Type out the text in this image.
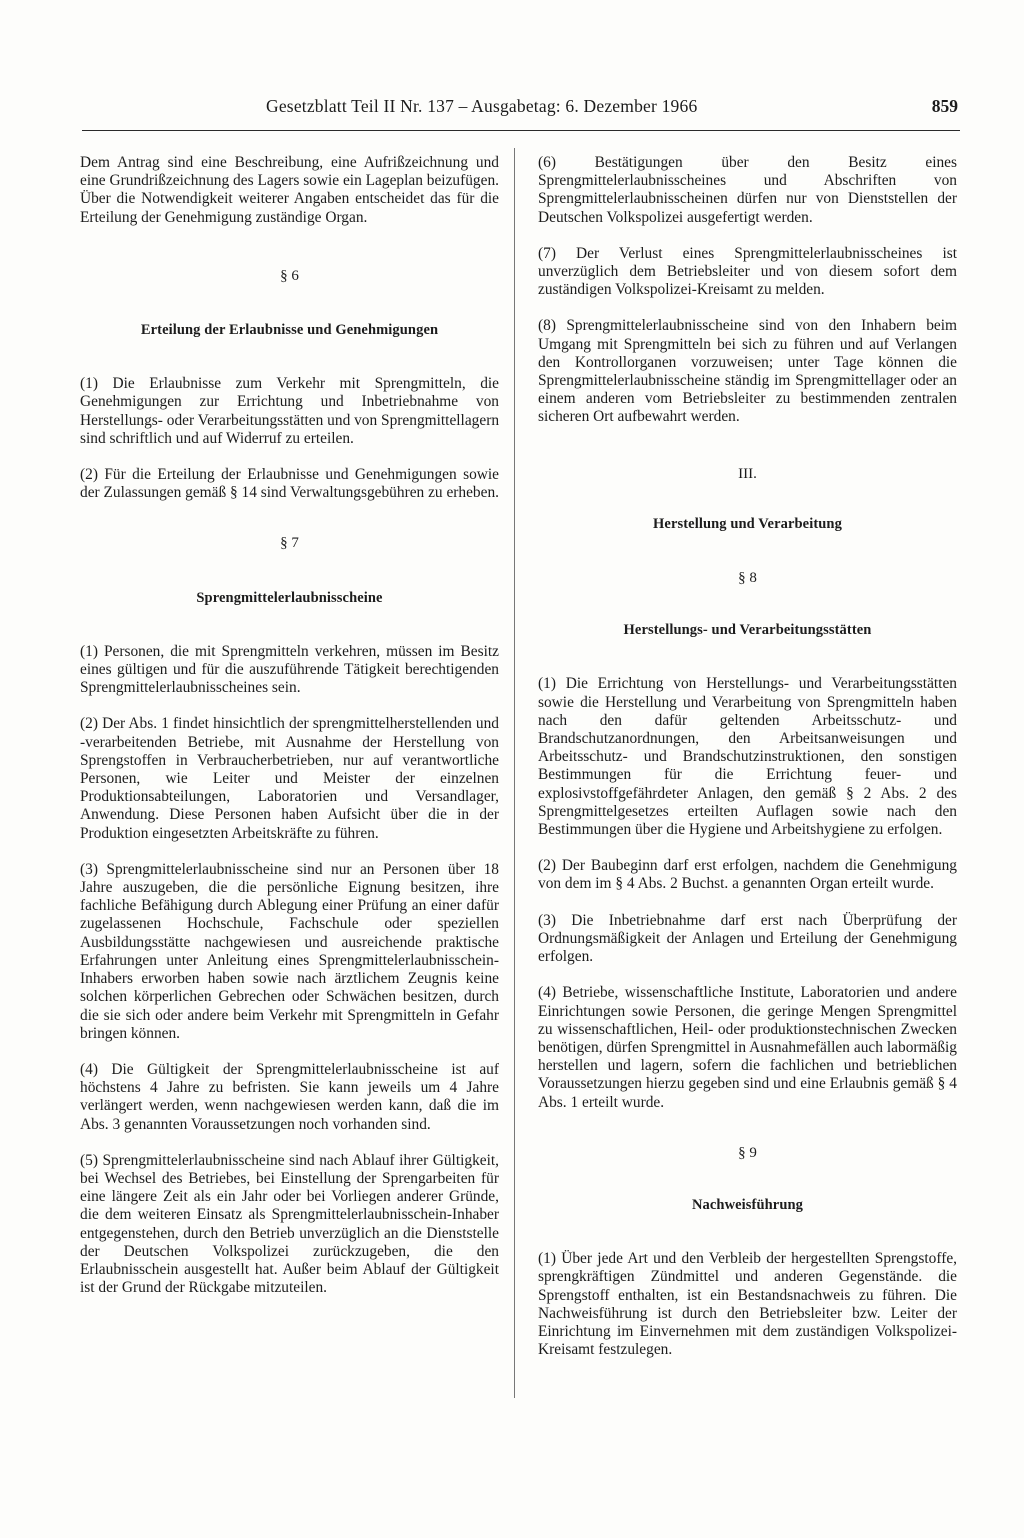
Gesetzblatt Teil II Nr. 137 – Ausgabetag: 6. Dezember 1966	859

Dem Antrag sind eine Beschreibung, eine Aufrißzeichnung und eine Grundrißzeichnung des Lagers sowie ein Lageplan beizufügen. Über die Notwendigkeit weiterer Angaben entscheidet das für die Erteilung der Genehmigung zuständige Organ.

§ 6

Erteilung der Erlaubnisse und Genehmigungen

(1) Die Erlaubnisse zum Verkehr mit Sprengmitteln, die Genehmigungen zur Errichtung und Inbetriebnahme von Herstellungs- oder Verarbeitungsstätten und von Sprengmittellagern sind schriftlich und auf Widerruf zu erteilen.

(2) Für die Erteilung der Erlaubnisse und Genehmigungen sowie der Zulassungen gemäß § 14 sind Verwaltungsgebühren zu erheben.

§ 7

Sprengmittelerlaubnisscheine

(1) Personen, die mit Sprengmitteln verkehren, müssen im Besitz eines gültigen und für die auszuführende Tätigkeit berechtigenden Sprengmittelerlaubnisscheines sein.

(2) Der Abs. 1 findet hinsichtlich der sprengmittelherstellenden und -verarbeitenden Betriebe, mit Ausnahme der Herstellung von Sprengstoffen in Verbraucherbetrieben, nur auf verantwortliche Personen, wie Leiter und Meister der einzelnen Produktionsabteilungen, Laboratorien und Versandlager, Anwendung. Diese Personen haben Aufsicht über die in der Produktion eingesetzten Arbeitskräfte zu führen.

(3) Sprengmittelerlaubnisscheine sind nur an Personen über 18 Jahre auszugeben, die die persönliche Eignung besitzen, ihre fachliche Befähigung durch Ablegung einer Prüfung an einer dafür zugelassenen Hochschule, Fachschule oder speziellen Ausbildungsstätte nachgewiesen und ausreichende praktische Erfahrungen unter Anleitung eines Sprengmittelerlaubnisschein-Inhabers erworben haben sowie nach ärztlichem Zeugnis keine solchen körperlichen Gebrechen oder Schwächen besitzen, durch die sie sich oder andere beim Verkehr mit Sprengmitteln in Gefahr bringen können.

(4) Die Gültigkeit der Sprengmittelerlaubnisscheine ist auf höchstens 4 Jahre zu befristen. Sie kann jeweils um 4 Jahre verlängert werden, wenn nachgewiesen werden kann, daß die im Abs. 3 genannten Voraussetzungen noch vorhanden sind.

(5) Sprengmittelerlaubnisscheine sind nach Ablauf ihrer Gültigkeit, bei Wechsel des Betriebes, bei Einstellung der Sprengarbeiten für eine längere Zeit als ein Jahr oder bei Vorliegen anderer Gründe, die dem weiteren Einsatz als Sprengmittelerlaubnisschein-Inhaber entgegenstehen, durch den Betrieb unverzüglich an die Dienststelle der Deutschen Volkspolizei zurückzugeben, die den Erlaubnisschein ausgestellt hat. Außer beim Ablauf der Gültigkeit ist der Grund der Rückgabe mitzuteilen.

(6) Bestätigungen über den Besitz eines Sprengmittelerlaubnisscheines und Abschriften von Sprengmittelerlaubnisscheinen dürfen nur von Dienststellen der Deutschen Volkspolizei ausgefertigt werden.

(7) Der Verlust eines Sprengmittelerlaubnisscheines ist unverzüglich dem Betriebsleiter und von diesem sofort dem zuständigen Volkspolizei-Kreisamt zu melden.

(8) Sprengmittelerlaubnisscheine sind von den Inhabern beim Umgang mit Sprengmitteln bei sich zu führen und auf Verlangen den Kontrollorganen vorzuweisen; unter Tage können die Sprengmittelerlaubnisscheine ständig im Sprengmittellager oder an einem anderen vom Betriebsleiter zu bestimmenden zentralen sicheren Ort aufbewahrt werden.

III.

Herstellung und Verarbeitung

§ 8

Herstellungs- und Verarbeitungsstätten

(1) Die Errichtung von Herstellungs- und Verarbeitungsstätten sowie die Herstellung und Verarbeitung von Sprengmitteln haben nach den dafür geltenden Arbeitsschutz- und Brandschutzanordnungen, den Arbeitsanweisungen und Arbeitsschutz- und Brandschutzinstruktionen, den sonstigen Bestimmungen für die Errichtung feuer- und explosivstoffgefährdeter Anlagen, den gemäß § 2 Abs. 2 des Sprengmittelgesetzes erteilten Auflagen sowie nach den Bestimmungen über die Hygiene und Arbeitshygiene zu erfolgen.

(2) Der Baubeginn darf erst erfolgen, nachdem die Genehmigung von dem im § 4 Abs. 2 Buchst. a genannten Organ erteilt wurde.

(3) Die Inbetriebnahme darf erst nach Überprüfung der Ordnungsmäßigkeit der Anlagen und Erteilung der Genehmigung erfolgen.

(4) Betriebe, wissenschaftliche Institute, Laboratorien und andere Einrichtungen sowie Personen, die geringe Mengen Sprengmittel zu wissenschaftlichen, Heil- oder produktionstechnischen Zwecken benötigen, dürfen Sprengmittel in Ausnahmefällen auch labormäßig herstellen und lagern, sofern die fachlichen und betrieblichen Voraussetzungen hierzu gegeben sind und eine Erlaubnis gemäß § 4 Abs. 1 erteilt wurde.

§ 9

Nachweisführung

(1) Über jede Art und den Verbleib der hergestellten Sprengstoffe, sprengkräftigen Zündmittel und anderen Gegenstände. die Sprengstoff enthalten, ist ein Bestandsnachweis zu führen. Die Nachweisführung ist durch den Betriebsleiter bzw. Leiter der Einrichtung im Einvernehmen mit dem zuständigen Volkspolizei-Kreisamt festzulegen.
